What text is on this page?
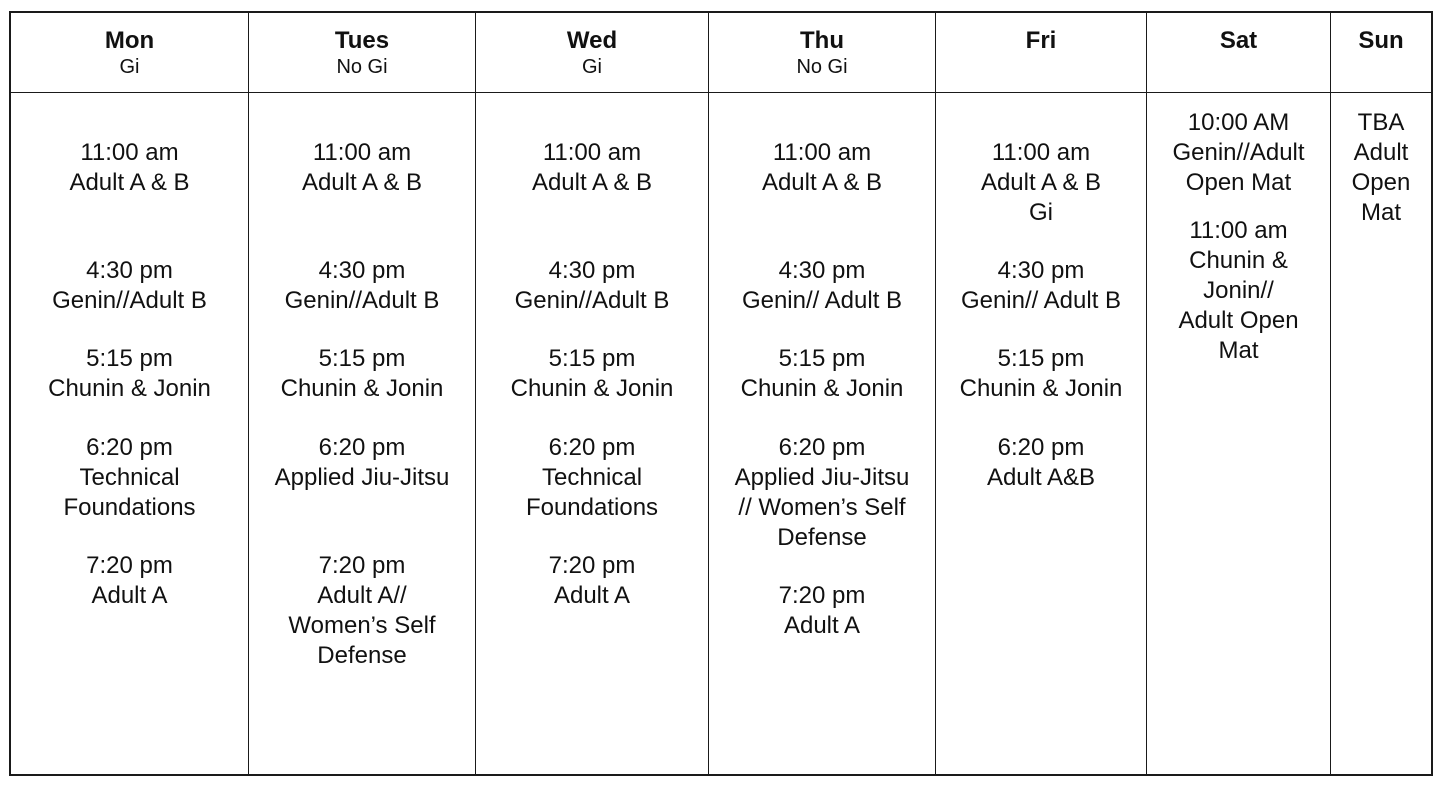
Mon
Gi
11:00 am
Adult A & B
4:30 pm
Genin//Adult B
5:15 pm
Chunin & Jonin
6:20 pm
Technical
Foundations
7:20 pm
Adult A
Tues
No Gi
11:00 am
Adult A & B
4:30 pm
Genin//Adult B
5:15 pm
Chunin & Jonin
6:20 pm
Applied Jiu-Jitsu
7:20 pm
Adult A//
Women’s Self
Defense
Wed
Gi
11:00 am
Adult A & B
4:30 pm
Genin//Adult B
5:15 pm
Chunin & Jonin
6:20 pm
Technical
Foundations
7:20 pm
Adult A
Thu
No Gi
11:00 am
Adult A & B
4:30 pm
Genin// Adult B
5:15 pm
Chunin & Jonin
6:20 pm
Applied Jiu-Jitsu
// Women’s Self
Defense
7:20 pm
Adult A
Fri
11:00 am
Adult A & B
Gi
4:30 pm
Genin// Adult B
5:15 pm
Chunin & Jonin
6:20 pm
Adult A&B
Sat
10:00 AM
Genin//Adult
Open Mat
11:00 am
Chunin &
Jonin//
Adult Open
Mat
Sun
TBA
Adult
Open
Mat
